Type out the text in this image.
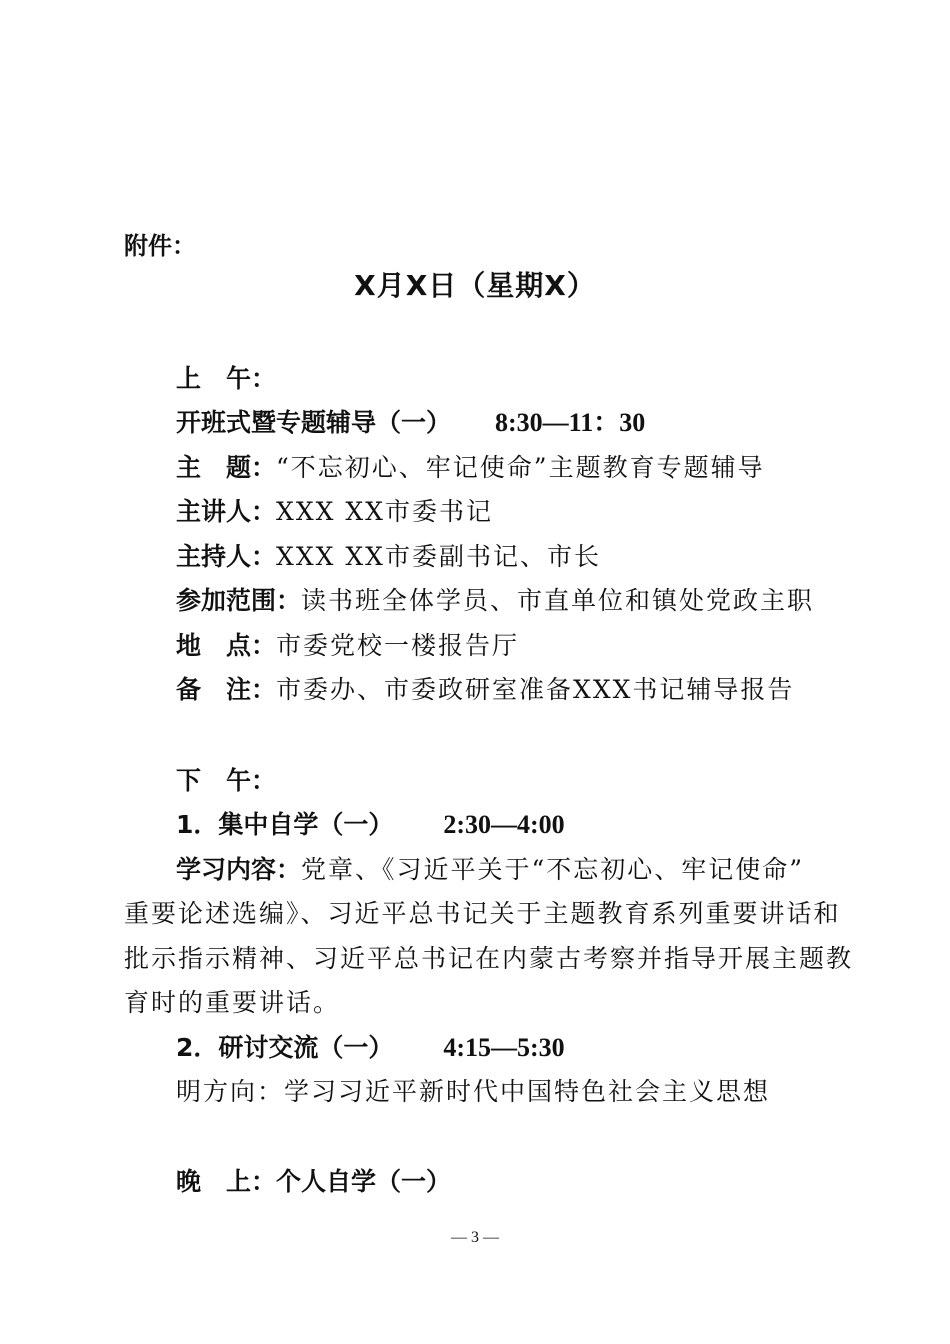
附件：
X月X日（星期X）
上　午：
开班式暨专题辅导（一） 8:30—11：30
主　题：“不忘初心、牢记使命”主题教育专题辅导
主讲人：XXX XX市委书记
主持人：XXX XX市委副书记、市长
参加范围：读书班全体学员、市直单位和镇处党政主职
地　点：市委党校一楼报告厅
备　注：市委办、市委政研室准备XXX书记辅导报告
下　午：
1．集中自学（一） 2:30—4:00
学习内容：党章、《习近平关于“不忘初心、牢记使命”
重要论述选编》、习近平总书记关于主题教育系列重要讲话和
批示指示精神、习近平总书记在内蒙古考察并指导开展主题教
育时的重要讲话。
2．研讨交流（一） 4:15—5:30
明方向：学习习近平新时代中国特色社会主义思想
晚　上：个人自学（一）
— 3 —
